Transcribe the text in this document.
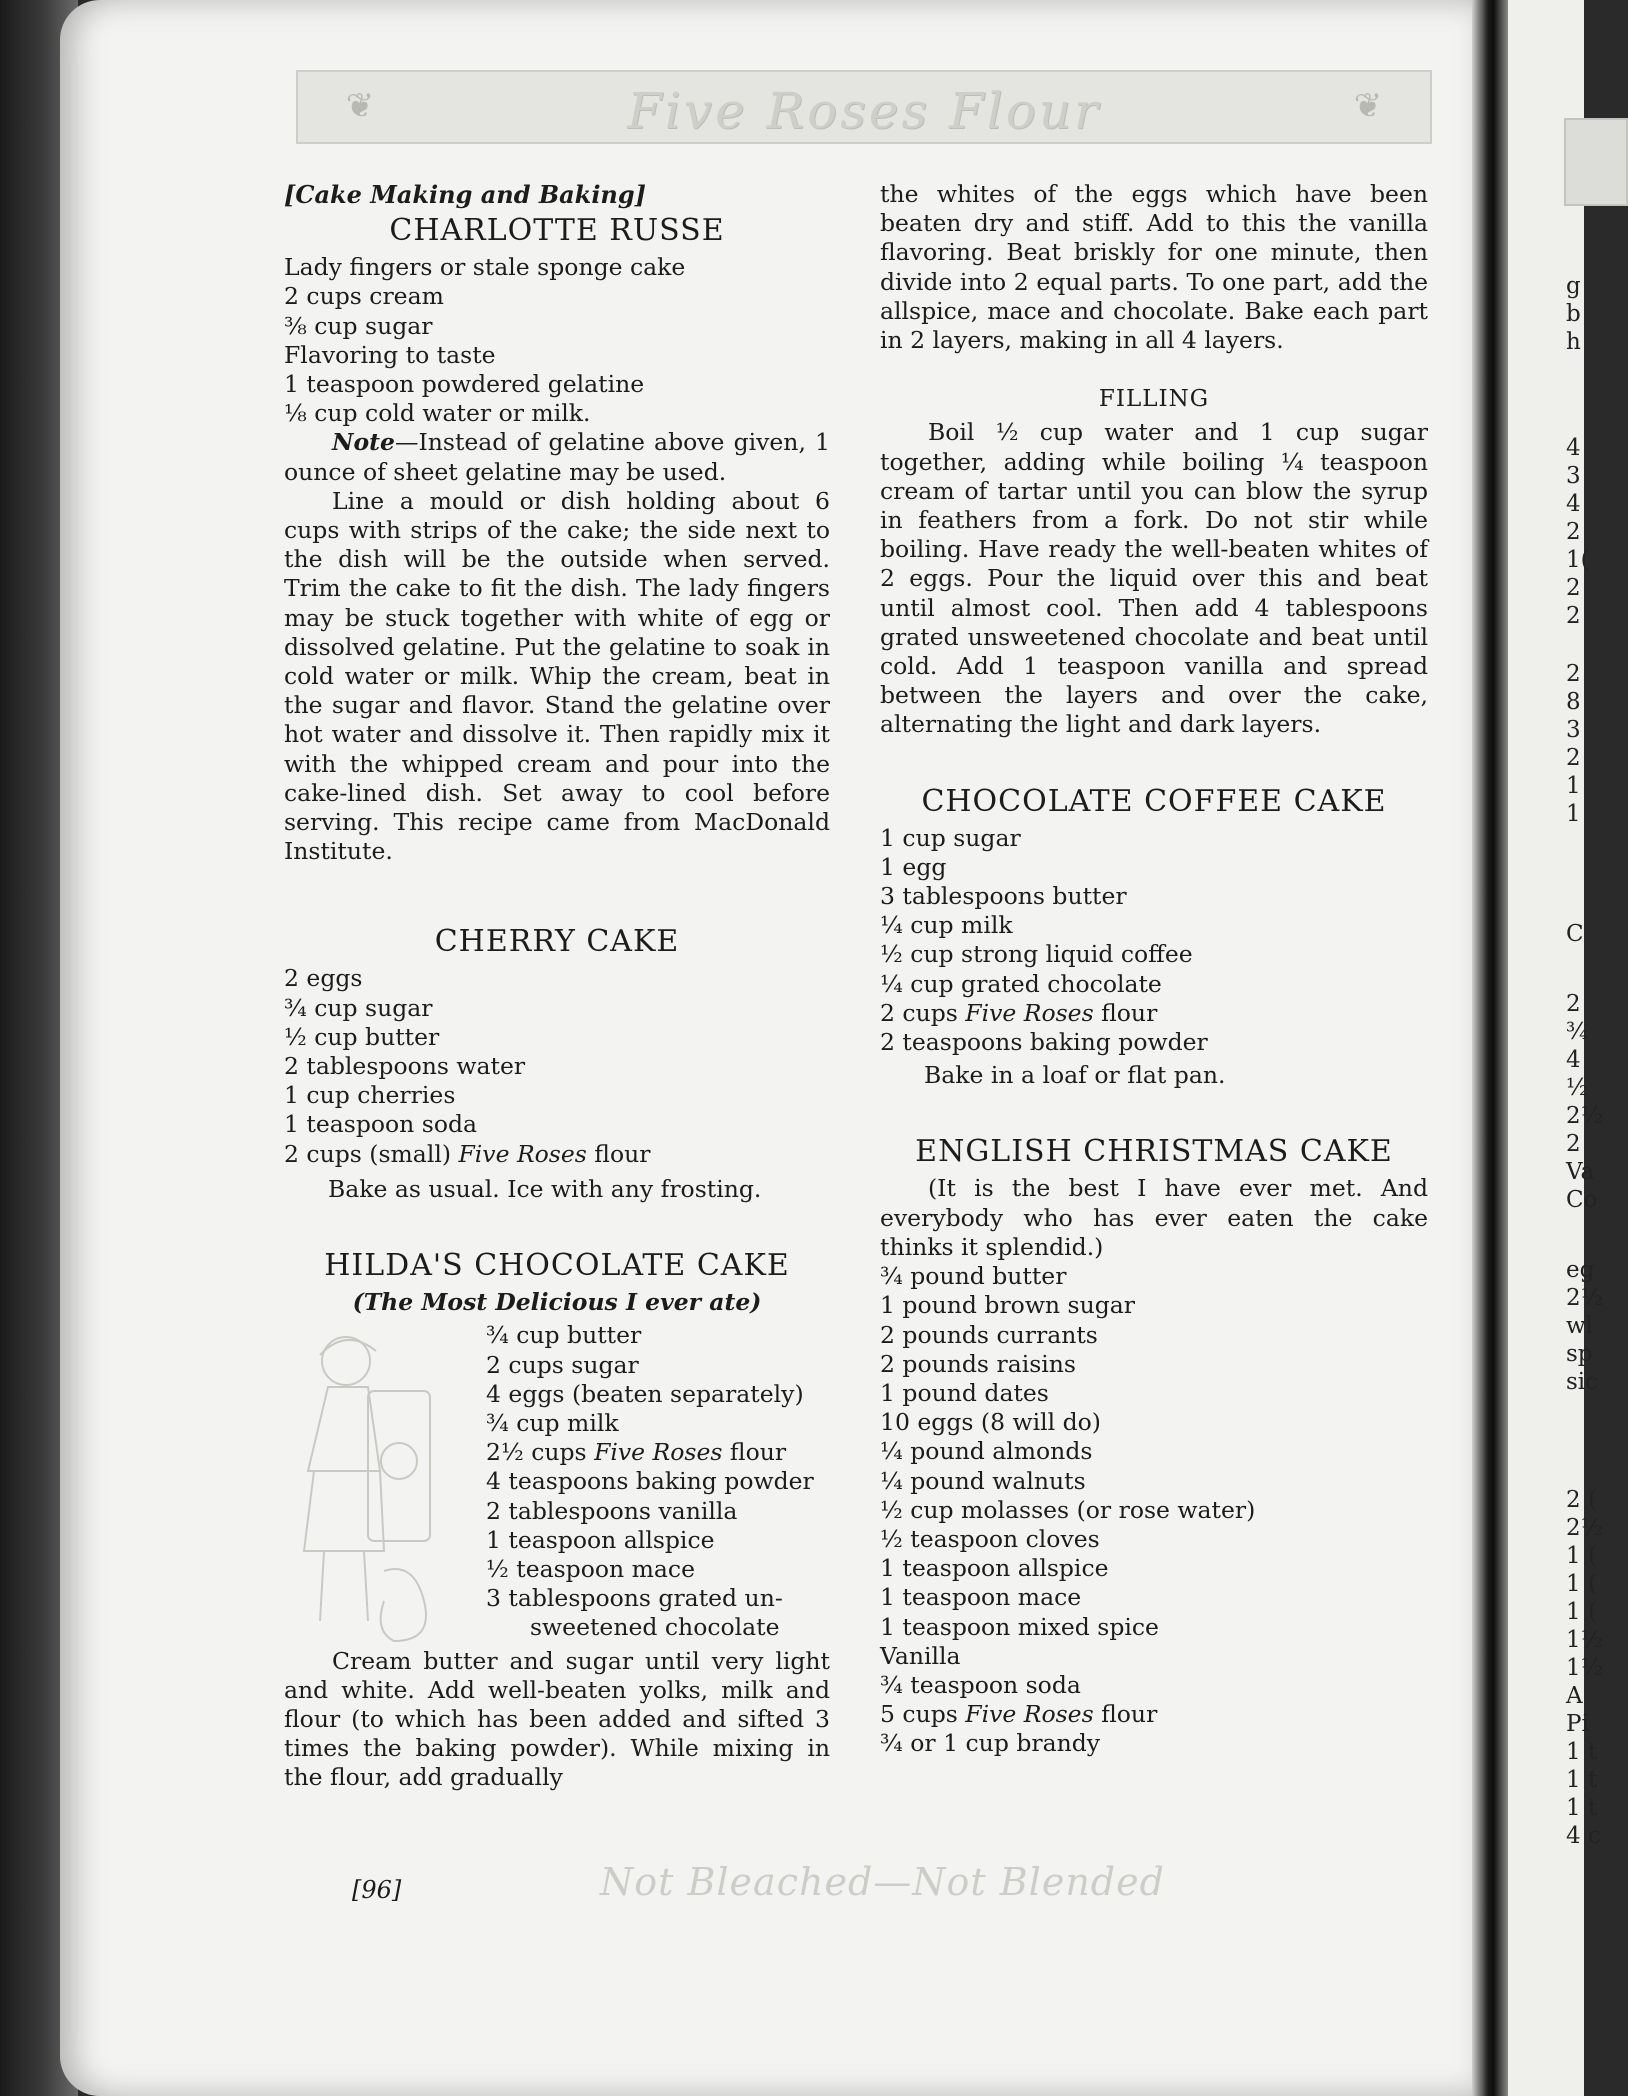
g
b
h
4
3
4
2
1(
2
2
2
8
3
2
1
1
C
2
¾
4
½
2½
2
Va
Co
eg
2½
wl
sp
sic
2 (
2½
1 (
1 (
1 (
1½
1½
A
Pi
1 t
1 t
1 t
4 c
❦	Five Roses Flour	❦
[Cake Making and Baking]
CHARLOTTE RUSSE

Lady fingers or stale sponge cake

2 cups cream

⅜ cup sugar

Flavoring to taste

1 teaspoon powdered gelatine

⅛ cup cold water or milk.

Note—Instead of gelatine above given, 1 ounce of sheet gelatine may be used.

Line a mould or dish holding about 6 cups with strips of the cake; the side next to the dish will be the outside when served. Trim the cake to fit the dish. The lady fingers may be stuck together with white of egg or dissolved gelatine. Put the gelatine to soak in cold water or milk. Whip the cream, beat in the sugar and flavor. Stand the gelatine over hot water and dissolve it. Then rapidly mix it with the whipped cream and pour into the cake-lined dish. Set away to cool before serving. This recipe came from MacDonald Institute.

CHERRY CAKE

2 eggs

¾ cup sugar

½ cup butter

2 tablespoons water

1 cup cherries

1 teaspoon soda

2 cups (small) Five Roses flour

Bake as usual. Ice with any frosting.

HILDA'S CHOCOLATE CAKE
(The Most Delicious I ever ate)

¾ cup butter

2 cups sugar

4 eggs (beaten separately)

¾ cup milk

2½ cups Five Roses flour

4 teaspoons baking powder

2 tablespoons vanilla

1 teaspoon allspice

½ teaspoon mace

3 tablespoons grated un-

sweetened chocolate

Cream butter and sugar until very light and white. Add well-beaten yolks, milk and flour (to which has been added and sifted 3 times the baking powder). While mixing in the flour, add gradually

the whites of the eggs which have been beaten dry and stiff. Add to this the vanilla flavoring. Beat briskly for one minute, then divide into 2 equal parts. To one part, add the allspice, mace and chocolate. Bake each part in 2 layers, making in all 4 layers.

FILLING

Boil ½ cup water and 1 cup sugar together, adding while boiling ¼ teaspoon cream of tartar until you can blow the syrup in feathers from a fork. Do not stir while boiling. Have ready the well-beaten whites of 2 eggs. Pour the liquid over this and beat until almost cool. Then add 4 tablespoons grated unsweetened chocolate and beat until cold. Add 1 teaspoon vanilla and spread between the layers and over the cake, alternating the light and dark layers.

CHOCOLATE COFFEE CAKE

1 cup sugar

1 egg

3 tablespoons butter

¼ cup milk

½ cup strong liquid coffee

¼ cup grated chocolate

2 cups Five Roses flour

2 teaspoons baking powder

Bake in a loaf or flat pan.

ENGLISH CHRISTMAS CAKE

(It is the best I have ever met. And everybody who has ever eaten the cake thinks it splendid.)

¾ pound butter

1 pound brown sugar

2 pounds currants

2 pounds raisins

1 pound dates

10 eggs (8 will do)

¼ pound almonds

¼ pound walnuts

½ cup molasses (or rose water)

½ teaspoon cloves

1 teaspoon allspice

1 teaspoon mace

1 teaspoon mixed spice

Vanilla

¾ teaspoon soda

5 cups Five Roses flour

¾ or 1 cup brandy

[96]	Not Bleached—Not Blended
